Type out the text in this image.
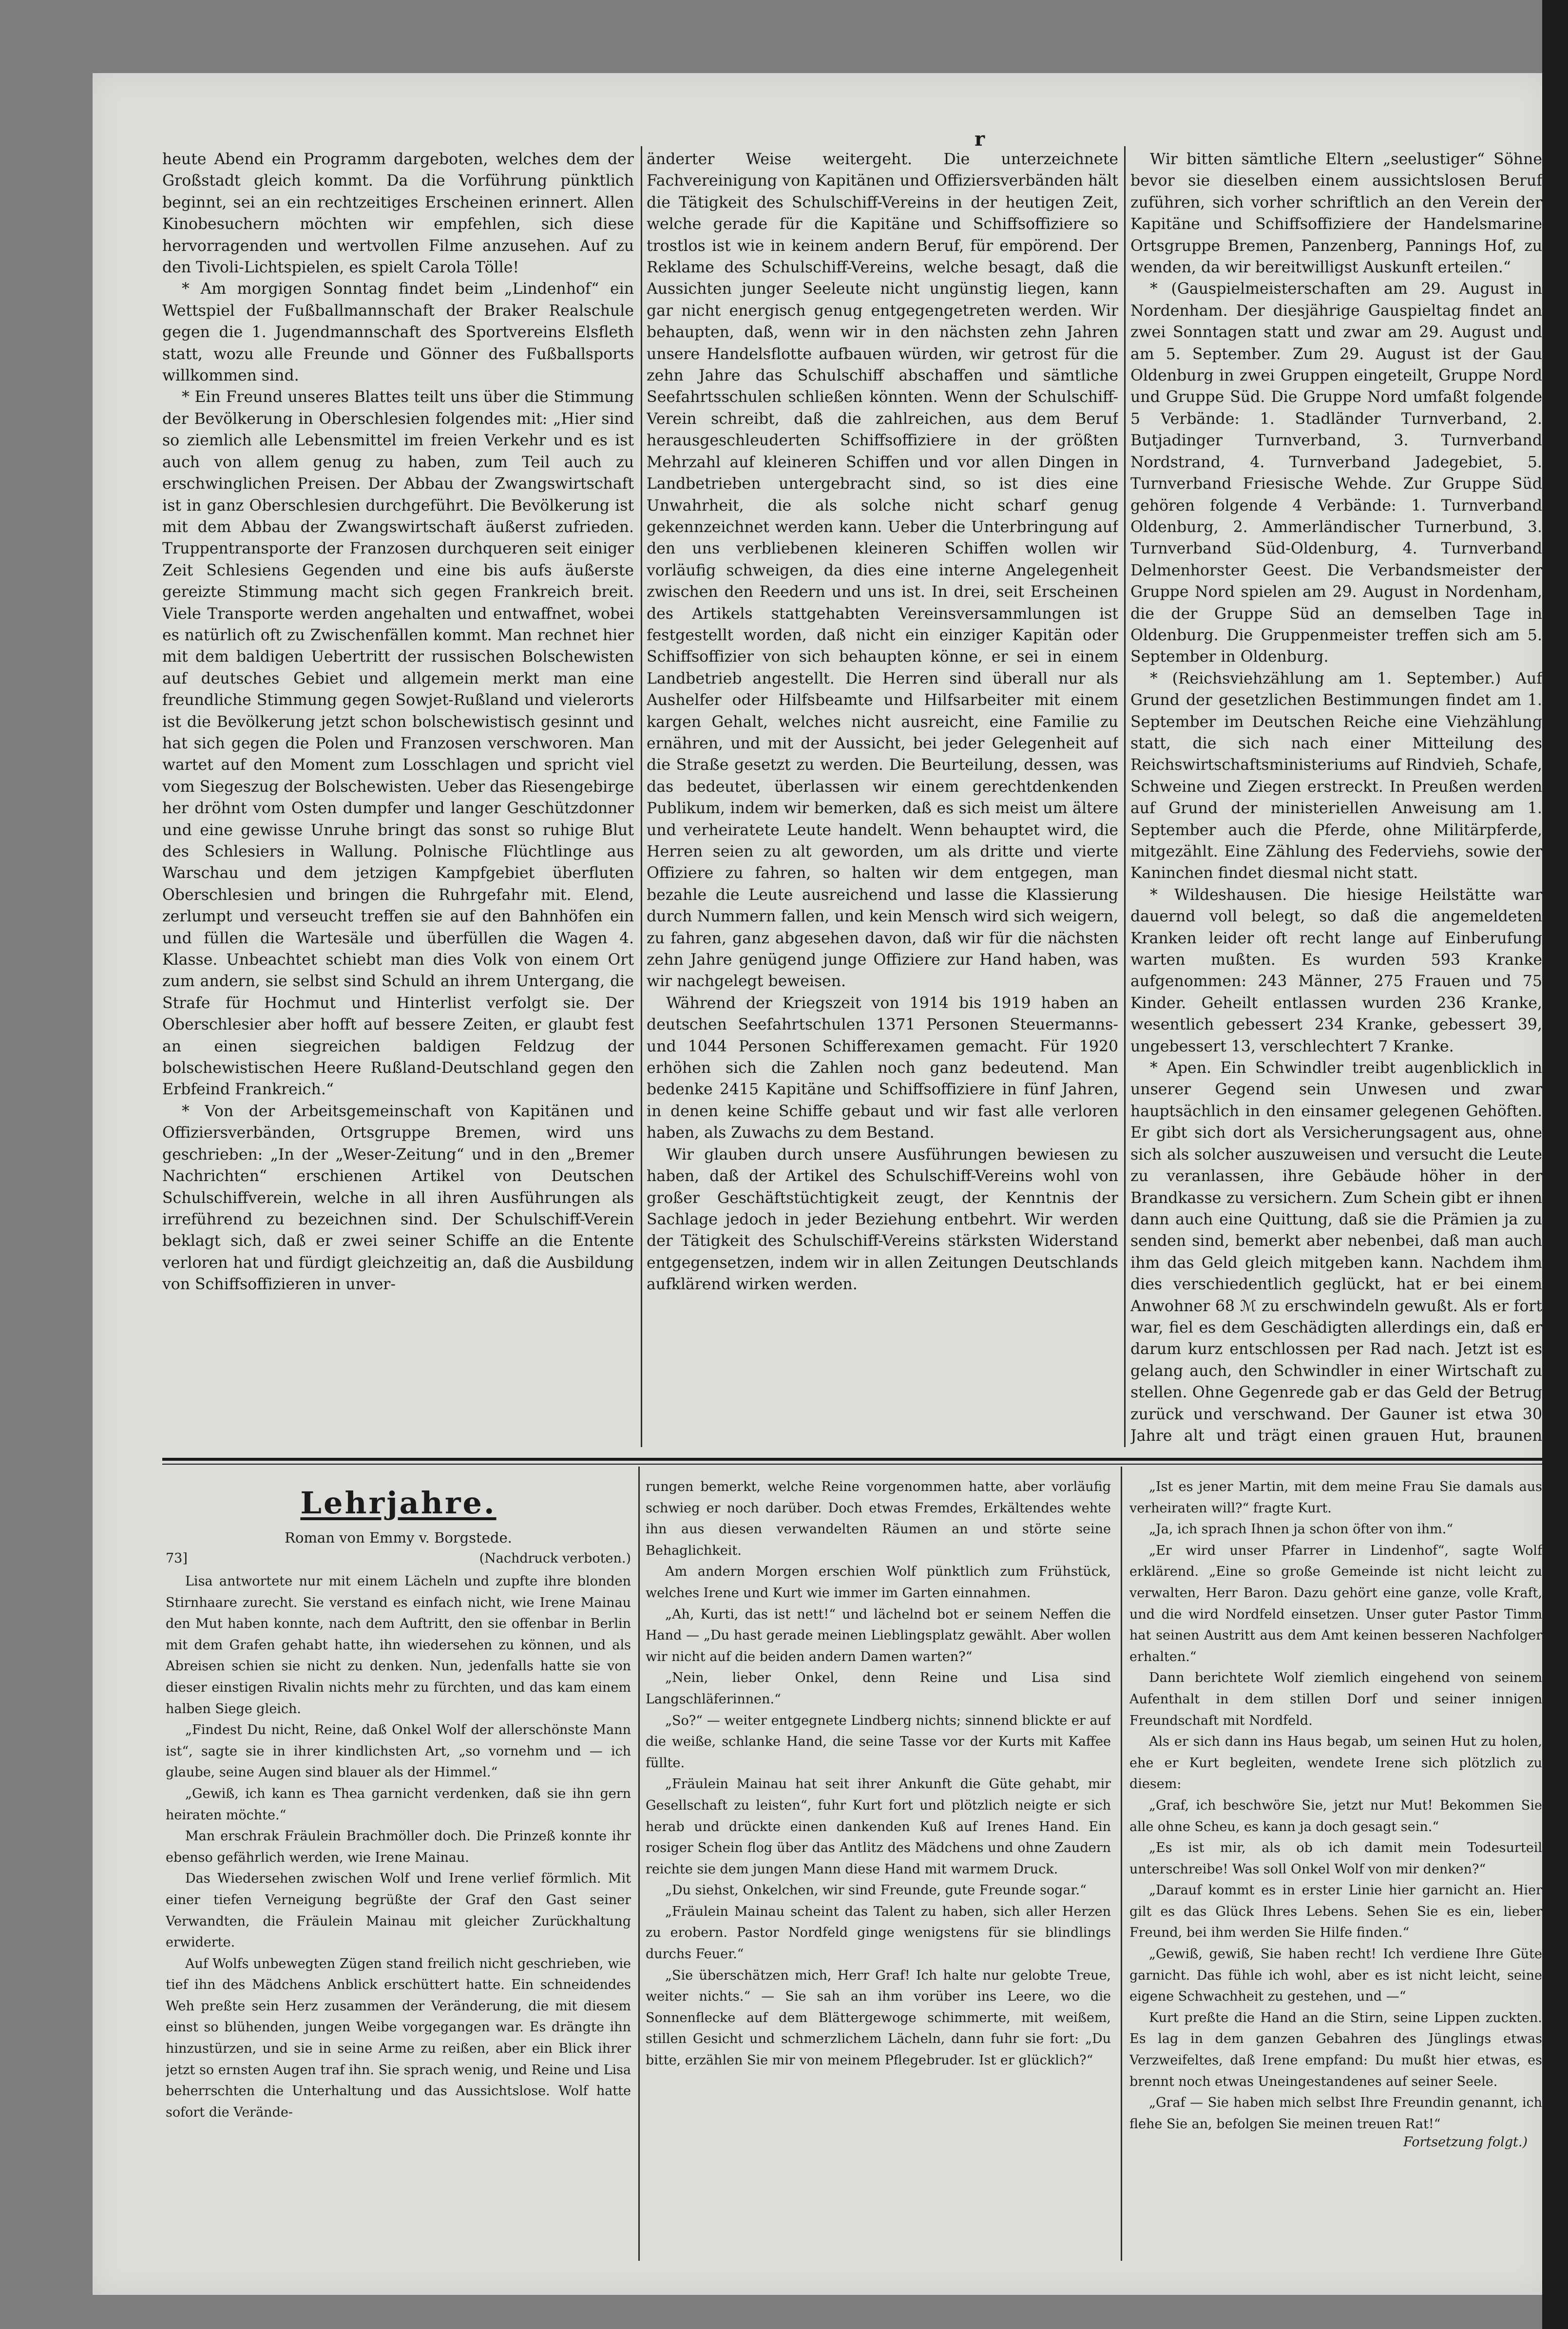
r

heute Abend ein Programm dargeboten, welches dem der Großstadt gleich kommt. Da die Vorführung pünktlich beginnt, sei an ein rechtzeitiges Erscheinen erinnert. Allen Kinobesuchern möchten wir empfehlen, sich diese hervorragenden und wertvollen Filme anzusehen. Auf zu den Tivoli-Lichtspielen, es spielt Carola Tölle!

* Am morgigen Sonntag findet beim „Lindenhof“ ein Wettspiel der Fußballmannschaft der Braker Realschule gegen die 1. Jugendmannschaft des Sportvereins Elsfleth statt, wozu alle Freunde und Gönner des Fußballsports willkommen sind.

* Ein Freund unseres Blattes teilt uns über die Stimmung der Bevölkerung in Oberschlesien folgendes mit: „Hier sind so ziemlich alle Lebensmittel im freien Verkehr und es ist auch von allem genug zu haben, zum Teil auch zu erschwinglichen Preisen. Der Abbau der Zwangswirtschaft ist in ganz Oberschlesien durchgeführt. Die Bevölkerung ist mit dem Abbau der Zwangswirtschaft äußerst zufrieden. Truppentransporte der Franzosen durchqueren seit einiger Zeit Schlesiens Gegenden und eine bis aufs äußerste gereizte Stimmung macht sich gegen Frankreich breit. Viele Transporte werden angehalten und entwaffnet, wobei es natürlich oft zu Zwischenfällen kommt. Man rechnet hier mit dem baldigen Uebertritt der russischen Bolschewisten auf deutsches Gebiet und allgemein merkt man eine freundliche Stimmung gegen Sowjet-Rußland und vielerorts ist die Bevölkerung jetzt schon bolschewistisch gesinnt und hat sich gegen die Polen und Franzosen verschworen. Man wartet auf den Moment zum Losschlagen und spricht viel vom Siegeszug der Bolschewisten. Ueber das Riesengebirge her dröhnt vom Osten dumpfer und langer Geschützdonner und eine gewisse Unruhe bringt das sonst so ruhige Blut des Schlesiers in Wallung. Polnische Flüchtlinge aus Warschau und dem jetzigen Kampfgebiet überfluten Oberschlesien und bringen die Ruhrgefahr mit. Elend, zerlumpt und verseucht treffen sie auf den Bahnhöfen ein und füllen die Wartesäle und überfüllen die Wagen 4. Klasse. Unbeachtet schiebt man dies Volk von einem Ort zum andern, sie selbst sind Schuld an ihrem Untergang, die Strafe für Hochmut und Hinterlist verfolgt sie. Der Oberschlesier aber hofft auf bessere Zeiten, er glaubt fest an einen siegreichen baldigen Feldzug der bolschewistischen Heere Rußland-Deutschland gegen den Erbfeind Frankreich.“

* Von der Arbeitsgemeinschaft von Kapitänen und Offiziersverbänden, Ortsgruppe Bremen, wird uns geschrieben: „In der „Weser-Zeitung“ und in den „Bremer Nachrichten“ erschienen Artikel von Deutschen Schulschiffverein, welche in all ihren Ausführungen als irreführend zu bezeichnen sind. Der Schulschiff-Verein beklagt sich, daß er zwei seiner Schiffe an die Entente verloren hat und fürdigt gleichzeitig an, daß die Ausbildung von Schiffsoffizieren in unver-

änderter Weise weitergeht. Die unterzeichnete Fachvereinigung von Kapitänen und Offiziersverbänden hält die Tätigkeit des Schulschiff-Vereins in der heutigen Zeit, welche gerade für die Kapitäne und Schiffsoffiziere so trostlos ist wie in keinem andern Beruf, für empörend. Der Reklame des Schulschiff-Vereins, welche besagt, daß die Aussichten junger Seeleute nicht ungünstig liegen, kann gar nicht energisch genug entgegengetreten werden. Wir behaupten, daß, wenn wir in den nächsten zehn Jahren unsere Handelsflotte aufbauen würden, wir getrost für die zehn Jahre das Schulschiff abschaffen und sämtliche Seefahrtsschulen schließen könnten. Wenn der Schulschiff-Verein schreibt, daß die zahlreichen, aus dem Beruf herausgeschleuderten Schiffsoffiziere in der größten Mehrzahl auf kleineren Schiffen und vor allen Dingen in Landbetrieben untergebracht sind, so ist dies eine Unwahrheit, die als solche nicht scharf genug gekennzeichnet werden kann. Ueber die Unterbringung auf den uns verbliebenen kleineren Schiffen wollen wir vorläufig schweigen, da dies eine interne Angelegenheit zwischen den Reedern und uns ist. In drei, seit Erscheinen des Artikels stattgehabten Vereinsversammlungen ist festgestellt worden, daß nicht ein einziger Kapitän oder Schiffsoffizier von sich behaupten könne, er sei in einem Landbetrieb angestellt. Die Herren sind überall nur als Aushelfer oder Hilfsbeamte und Hilfsarbeiter mit einem kargen Gehalt, welches nicht ausreicht, eine Familie zu ernähren, und mit der Aussicht, bei jeder Gelegenheit auf die Straße gesetzt zu werden. Die Beurteilung, dessen, was das bedeutet, überlassen wir einem gerechtdenkenden Publikum, indem wir bemerken, daß es sich meist um ältere und verheiratete Leute handelt. Wenn behauptet wird, die Herren seien zu alt geworden, um als dritte und vierte Offiziere zu fahren, so halten wir dem entgegen, man bezahle die Leute ausreichend und lasse die Klassierung durch Nummern fallen, und kein Mensch wird sich weigern, zu fahren, ganz abgesehen davon, daß wir für die nächsten zehn Jahre genügend junge Offiziere zur Hand haben, was wir nachgelegt beweisen.

Während der Kriegszeit von 1914 bis 1919 haben an deutschen Seefahrtschulen 1371 Personen Steuermanns- und 1044 Personen Schifferexamen gemacht. Für 1920 erhöhen sich die Zahlen noch ganz bedeutend. Man bedenke 2415 Kapitäne und Schiffsoffiziere in fünf Jahren, in denen keine Schiffe gebaut und wir fast alle verloren haben, als Zuwachs zu dem Bestand.

Wir glauben durch unsere Ausführungen bewiesen zu haben, daß der Artikel des Schulschiff-Vereins wohl von großer Geschäftstüchtigkeit zeugt, der Kenntnis der Sachlage jedoch in jeder Beziehung entbehrt. Wir werden der Tätigkeit des Schulschiff-Vereins stärksten Widerstand entgegensetzen, indem wir in allen Zeitungen Deutschlands aufklärend wirken werden.

Wir bitten sämtliche Eltern „seelustiger“ Söhne bevor sie dieselben einem aussichtslosen Beruf zuführen, sich vorher schriftlich an den Verein der Kapitäne und Schiffsoffiziere der Handelsmarine Ortsgruppe Bremen, Panzenberg, Pannings Hof, zu wenden, da wir bereitwilligst Auskunft erteilen.“

* (Gauspielmeisterschaften am 29. August in Nordenham. Der diesjährige Gauspieltag findet an zwei Sonntagen statt und zwar am 29. August und am 5. September. Zum 29. August ist der Gau Oldenburg in zwei Gruppen eingeteilt, Gruppe Nord und Gruppe Süd. Die Gruppe Nord umfaßt folgende 5 Verbände: 1. Stadländer Turnverband, 2. Butjadinger Turnverband, 3. Turnverband Nordstrand, 4. Turnverband Jadegebiet, 5. Turnverband Friesische Wehde. Zur Gruppe Süd gehören folgende 4 Verbände: 1. Turnverband Oldenburg, 2. Ammerländischer Turnerbund, 3. Turnverband Süd-Oldenburg, 4. Turnverband Delmenhorster Geest. Die Verbandsmeister der Gruppe Nord spielen am 29. August in Nordenham, die der Gruppe Süd an demselben Tage in Oldenburg. Die Gruppenmeister treffen sich am 5. September in Oldenburg.

* (Reichsviehzählung am 1. September.) Auf Grund der gesetzlichen Bestimmungen findet am 1. September im Deutschen Reiche eine Viehzählung statt, die sich nach einer Mitteilung des Reichswirtschaftsministeriums auf Rindvieh, Schafe, Schweine und Ziegen erstreckt. In Preußen werden auf Grund der ministeriellen Anweisung am 1. September auch die Pferde, ohne Militärpferde, mitgezählt. Eine Zählung des Federviehs, sowie der Kaninchen findet diesmal nicht statt.

* Wildeshausen. Die hiesige Heilstätte war dauernd voll belegt, so daß die angemeldeten Kranken leider oft recht lange auf Einberufung warten mußten. Es wurden 593 Kranke aufgenommen: 243 Männer, 275 Frauen und 75 Kinder. Geheilt entlassen wurden 236 Kranke, wesentlich gebessert 234 Kranke, gebessert 39, ungebessert 13, verschlechtert 7 Kranke.

* Apen. Ein Schwindler treibt augenblicklich in unserer Gegend sein Unwesen und zwar hauptsächlich in den einsamer gelegenen Gehöften. Er gibt sich dort als Versicherungsagent aus, ohne sich als solcher auszuweisen und versucht die Leute zu veranlassen, ihre Gebäude höher in der Brandkasse zu versichern. Zum Schein gibt er ihnen dann auch eine Quittung, daß sie die Prämien ja zu senden sind, bemerkt aber nebenbei, daß man auch ihm das Geld gleich mitgeben kann. Nachdem ihm dies verschiedentlich geglückt, hat er bei einem Anwohner 68 ℳ zu erschwindeln gewußt. Als er fort war, fiel es dem Geschädigten allerdings ein, daß er darum kurz entschlossen per Rad nach. Jetzt ist es gelang auch, den Schwindler in einer Wirtschaft zu stellen. Ohne Gegenrede gab er das Geld der Betrug zurück und verschwand. Der Gauner ist etwa 30 Jahre alt und trägt einen grauen Hut, braunen

Lehrjahre.
Roman von Emmy v. Borgstede.
73]	(Nachdruck verboten.)

Lisa antwortete nur mit einem Lächeln und zupfte ihre blonden Stirnhaare zurecht. Sie verstand es einfach nicht, wie Irene Mainau den Mut haben konnte, nach dem Auftritt, den sie offenbar in Berlin mit dem Grafen gehabt hatte, ihn wiedersehen zu können, und als Abreisen schien sie nicht zu denken. Nun, jedenfalls hatte sie von dieser einstigen Rivalin nichts mehr zu fürchten, und das kam einem halben Siege gleich.

„Findest Du nicht, Reine, daß Onkel Wolf der allerschönste Mann ist“, sagte sie in ihrer kindlichsten Art, „so vornehm und — ich glaube, seine Augen sind blauer als der Himmel.“

„Gewiß, ich kann es Thea garnicht verdenken, daß sie ihn gern heiraten möchte.“

Man erschrak Fräulein Brachmöller doch. Die Prinzeß konnte ihr ebenso gefährlich werden, wie Irene Mainau.

Das Wiedersehen zwischen Wolf und Irene verlief förmlich. Mit einer tiefen Verneigung begrüßte der Graf den Gast seiner Verwandten, die Fräulein Mainau mit gleicher Zurückhaltung erwiderte.

Auf Wolfs unbewegten Zügen stand freilich nicht geschrieben, wie tief ihn des Mädchens Anblick erschüttert hatte. Ein schneidendes Weh preßte sein Herz zusammen der Veränderung, die mit diesem einst so blühenden, jungen Weibe vorgegangen war. Es drängte ihn hinzustürzen, und sie in seine Arme zu reißen, aber ein Blick ihrer jetzt so ernsten Augen traf ihn. Sie sprach wenig, und Reine und Lisa beherrschten die Unterhaltung und das Aussichtslose. Wolf hatte sofort die Verände-

rungen bemerkt, welche Reine vorgenommen hatte, aber vorläufig schwieg er noch darüber. Doch etwas Fremdes, Erkältendes wehte ihn aus diesen verwandelten Räumen an und störte seine Behaglichkeit.

Am andern Morgen erschien Wolf pünktlich zum Frühstück, welches Irene und Kurt wie immer im Garten einnahmen.

„Ah, Kurti, das ist nett!“ und lächelnd bot er seinem Neffen die Hand — „Du hast gerade meinen Lieblingsplatz gewählt. Aber wollen wir nicht auf die beiden andern Damen warten?“

„Nein, lieber Onkel, denn Reine und Lisa sind Langschläferinnen.“

„So?“ — weiter entgegnete Lindberg nichts; sinnend blickte er auf die weiße, schlanke Hand, die seine Tasse vor der Kurts mit Kaffee füllte.

„Fräulein Mainau hat seit ihrer Ankunft die Güte gehabt, mir Gesellschaft zu leisten“, fuhr Kurt fort und plötzlich neigte er sich herab und drückte einen dankenden Kuß auf Irenes Hand. Ein rosiger Schein flog über das Antlitz des Mädchens und ohne Zaudern reichte sie dem jungen Mann diese Hand mit warmem Druck.

„Du siehst, Onkelchen, wir sind Freunde, gute Freunde sogar.“

„Fräulein Mainau scheint das Talent zu haben, sich aller Herzen zu erobern. Pastor Nordfeld ginge wenigstens für sie blindlings durchs Feuer.“

„Sie überschätzen mich, Herr Graf! Ich halte nur gelobte Treue, weiter nichts.“ — Sie sah an ihm vorüber ins Leere, wo die Sonnenflecke auf dem Blättergewoge schimmerte, mit weißem, stillen Gesicht und schmerzlichem Lächeln, dann fuhr sie fort: „Du bitte, erzählen Sie mir von meinem Pflegebruder. Ist er glücklich?“

„Ist es jener Martin, mit dem meine Frau Sie damals aus verheiraten will?“ fragte Kurt.

„Ja, ich sprach Ihnen ja schon öfter von ihm.“

„Er wird unser Pfarrer in Lindenhof“, sagte Wolf erklärend. „Eine so große Gemeinde ist nicht leicht zu verwalten, Herr Baron. Dazu gehört eine ganze, volle Kraft, und die wird Nordfeld einsetzen. Unser guter Pastor Timm hat seinen Austritt aus dem Amt keinen besseren Nachfolger erhalten.“

Dann berichtete Wolf ziemlich eingehend von seinem Aufenthalt in dem stillen Dorf und seiner innigen Freundschaft mit Nordfeld.

Als er sich dann ins Haus begab, um seinen Hut zu holen, ehe er Kurt begleiten, wendete Irene sich plötzlich zu diesem:

„Graf, ich beschwöre Sie, jetzt nur Mut! Bekommen Sie alle ohne Scheu, es kann ja doch gesagt sein.“

„Es ist mir, als ob ich damit mein Todesurteil unterschreibe! Was soll Onkel Wolf von mir denken?“

„Darauf kommt es in erster Linie hier garnicht an. Hier gilt es das Glück Ihres Lebens. Sehen Sie es ein, lieber Freund, bei ihm werden Sie Hilfe finden.“

„Gewiß, gewiß, Sie haben recht! Ich verdiene Ihre Güte garnicht. Das fühle ich wohl, aber es ist nicht leicht, seine eigene Schwachheit zu gestehen, und —“

Kurt preßte die Hand an die Stirn, seine Lippen zuckten. Es lag in dem ganzen Gebahren des Jünglings etwas Verzweifeltes, daß Irene empfand: Du mußt hier etwas, es brennt noch etwas Uneingestandenes auf seiner Seele.

„Graf — Sie haben mich selbst Ihre Freundin genannt, ich flehe Sie an, befolgen Sie meinen treuen Rat!“

Fortsetzung folgt.)
